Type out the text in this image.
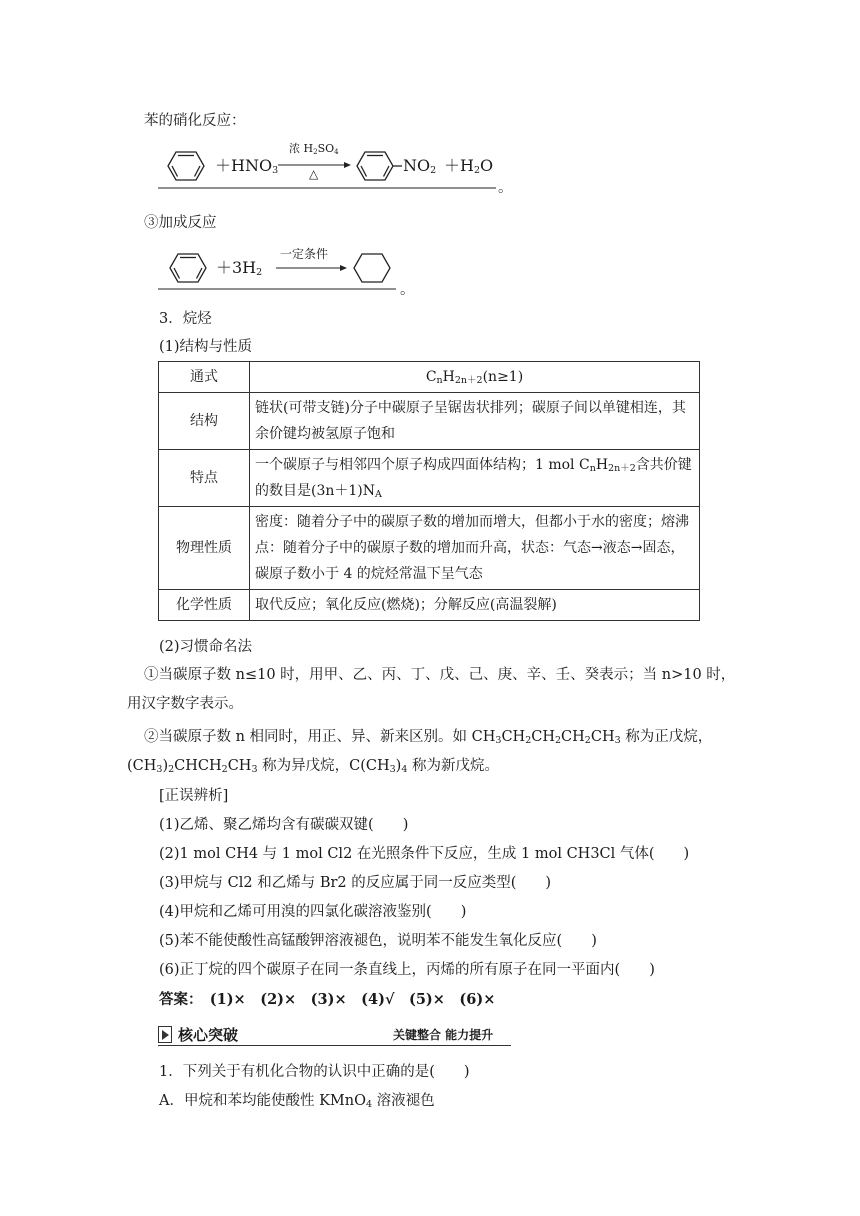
苯的硝化反应：
$+HNO_3$
浓 $H_2SO_4$
△	$NO_2 +H_2O$
。
③加成反应
$+3H_2$
一定条件
。
3．烷烃
(1)结构与性质
通式	$C_nH_{2n+2}(n\ge 1)$
结构	链状(可带支链)分子中碳原子呈锯齿状排列；碳原子间以单键相连，其余价键均被氢原子饱和
特点	一个碳原子与相邻四个原子构成四面体结构；1 mol $C_nH_{2n+2}$含共价键的数目是$(3n+1)N_A$
物理性质	密度：随着分子中的碳原子数的增加而增大，但都小于水的密度；熔沸点：随着分子中的碳原子数的增加而升高，状态：气态→液态→固态，碳原子数小于 4 的烷烃常温下呈气态
化学性质	取代反应；氧化反应(燃烧)；分解反应(高温裂解)
(2)习惯命名法
①当碳原子数 n≤10 时，用甲、乙、丙、丁、戊、己、庚、辛、壬、癸表示；当 n>10 时，用汉字数字表示。
②当碳原子数 n 相同时，用正、异、新来区别。如 $CH_3CH_2CH_2CH_2CH_3$ 称为正戊烷，$(CH_3)_2CHCH_2CH_3$ 称为异戊烷，$C(CH_3)_4$ 称为新戊烷。
[正误辨析]
(1)乙烯、聚乙烯均含有碳碳双键(　　)
(2)1 mol CH4 与 1 mol Cl2 在光照条件下反应，生成 1 mol CH3Cl 气体(　　)
(3)甲烷与 Cl2 和乙烯与 Br2 的反应属于同一反应类型(　　)
(4)甲烷和乙烯可用溴的四氯化碳溶液鉴别(　　)
(5)苯不能使酸性高锰酸钾溶液褪色，说明苯不能发生氧化反应(　　)
(6)正丁烷的四个碳原子在同一条直线上，丙烯的所有原子在同一平面内(　　)
答案：　(1)×　(2)×　(3)×　(4)√　(5)×　(6)×
核心突破	关键整合 能力提升
1．下列关于有机化合物的认识中正确的是(　　)
A．甲烷和苯均能使酸性 KMnO$_4$ 溶液褪色
